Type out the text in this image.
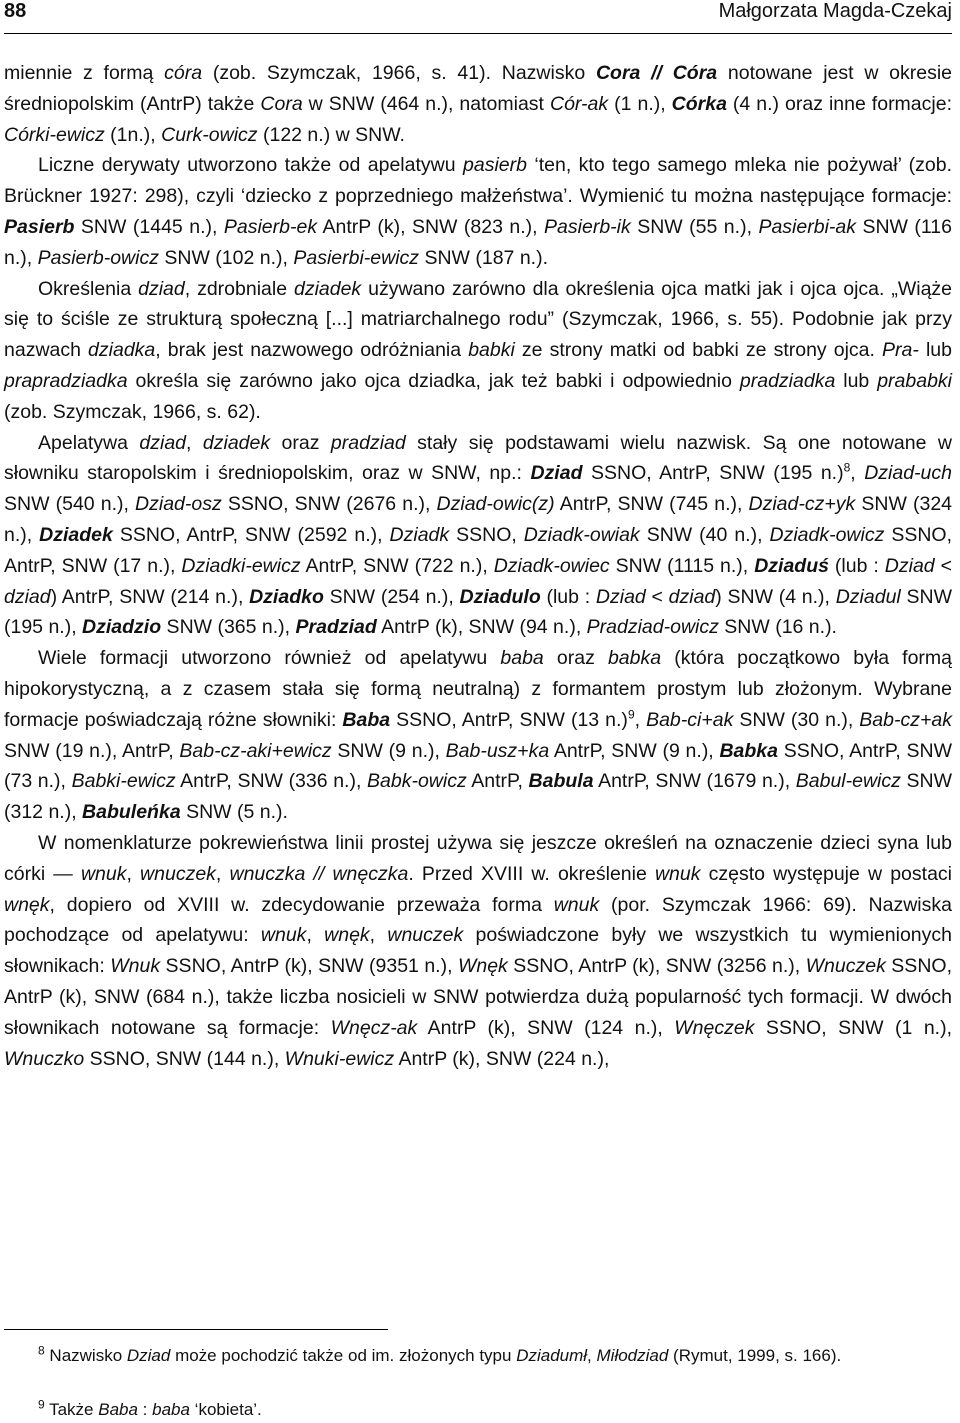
88	Małgorzata Magda-Czekaj

miennie z formą córa (zob. Szymczak, 1966, s. 41). Nazwisko Cora // Córa notowane jest w okresie średniopolskim (AntrP) także Cora w SNW (464 n.), natomiast Cór-ak (1 n.), Córka (4 n.) oraz inne formacje: Córki-ewicz (1n.), Curk-owicz (122 n.) w SNW.

Liczne derywaty utworzono także od apelatywu pasierb ‘ten, kto tego samego mleka nie pożywał’ (zob. Brückner 1927: 298), czyli ‘dziecko z poprzedniego małżeństwa’. Wymienić tu można następujące formacje: Pasierb SNW (1445 n.), Pasierb-ek AntrP (k), SNW (823 n.), Pasierb-ik SNW (55 n.), Pasierbi-ak SNW (116 n.), Pasierb-owicz SNW (102 n.), Pasierbi-ewicz SNW (187 n.).

Określenia dziad, zdrobniale dziadek używano zarówno dla określenia ojca matki jak i ojca ojca. „Wiąże się to ściśle ze strukturą społeczną [...] matriarchalnego rodu” (Szymczak, 1966, s. 55). Podobnie jak przy nazwach dziadka, brak jest nazwowego odróżniania babki ze strony matki od babki ze strony ojca. Pra- lub prapradziadka określa się zarówno jako ojca dziadka, jak też babki i odpowiednio pradziadka lub prababki (zob. Szymczak, 1966, s. 62).

Apelatywa dziad, dziadek oraz pradziad stały się podstawami wielu nazwisk. Są one notowane w słowniku staropolskim i średniopolskim, oraz w SNW, np.: Dziad SSNO, AntrP, SNW (195 n.)$^8$, Dziad-uch SNW (540 n.), Dziad-osz SSNO, SNW (2676 n.), Dziad-owic(z) AntrP, SNW (745 n.), Dziad-cz+yk SNW (324 n.), Dziadek SSNO, AntrP, SNW (2592 n.), Dziadk SSNO, Dziadk-owiak SNW (40 n.), Dziadk-owicz SSNO, AntrP, SNW (17 n.), Dziadki-ewicz AntrP, SNW (722 n.), Dziadk-owiec SNW (1115 n.), Dziaduś (lub : Dziad < dziad) AntrP, SNW (214 n.), Dziadko SNW (254 n.), Dziadulo (lub : Dziad < dziad) SNW (4 n.), Dziadul SNW (195 n.), Dziadzio SNW (365 n.), Pradziad AntrP (k), SNW (94 n.), Pradziad-owicz SNW (16 n.).

Wiele formacji utworzono również od apelatywu baba oraz babka (która początkowo była formą hipokorystyczną, a z czasem stała się formą neutralną) z formantem prostym lub złożonym. Wybrane formacje poświadczają różne słowniki: Baba SSNO, AntrP, SNW (13 n.)$^9$, Bab-ci+ak SNW (30 n.), Bab-cz+ak SNW (19 n.), AntrP, Bab-cz-aki+ewicz SNW (9 n.), Bab-usz+ka AntrP, SNW (9 n.), Babka SSNO, AntrP, SNW (73 n.), Babki-ewicz AntrP, SNW (336 n.), Babk-owicz AntrP, Babula AntrP, SNW (1679 n.), Babul-ewicz SNW (312 n.), Babuleńka SNW (5 n.).

W nomenklaturze pokrewieństwa linii prostej używa się jeszcze określeń na oznaczenie dzieci syna lub córki — wnuk, wnuczek, wnuczka // wnęczka. Przed XVIII w. określenie wnuk często występuje w postaci wnęk, dopiero od XVIII w. zdecydowanie przeważa forma wnuk (por. Szymczak 1966: 69). Nazwiska pochodzące od apelatywu: wnuk, wnęk, wnuczek poświadczone były we wszystkich tu wymienionych słownikach: Wnuk SSNO, AntrP (k), SNW (9351 n.), Wnęk SSNO, AntrP (k), SNW (3256 n.), Wnuczek SSNO, AntrP (k), SNW (684 n.), także liczba nosicieli w SNW potwierdza dużą popularność tych formacji. W dwóch słownikach notowane są formacje: Wnęcz-ak AntrP (k), SNW (124 n.), Wnęczek SSNO, SNW (1 n.), Wnuczko SSNO, SNW (144 n.), Wnuki-ewicz AntrP (k), SNW (224 n.),

$^8$ Nazwisko Dziad może pochodzić także od im. złożonych typu Dziadumł, Miłodziad (Rymut, 1999, s. 166).
$^9$ Także Baba : baba ‘kobieta’.
